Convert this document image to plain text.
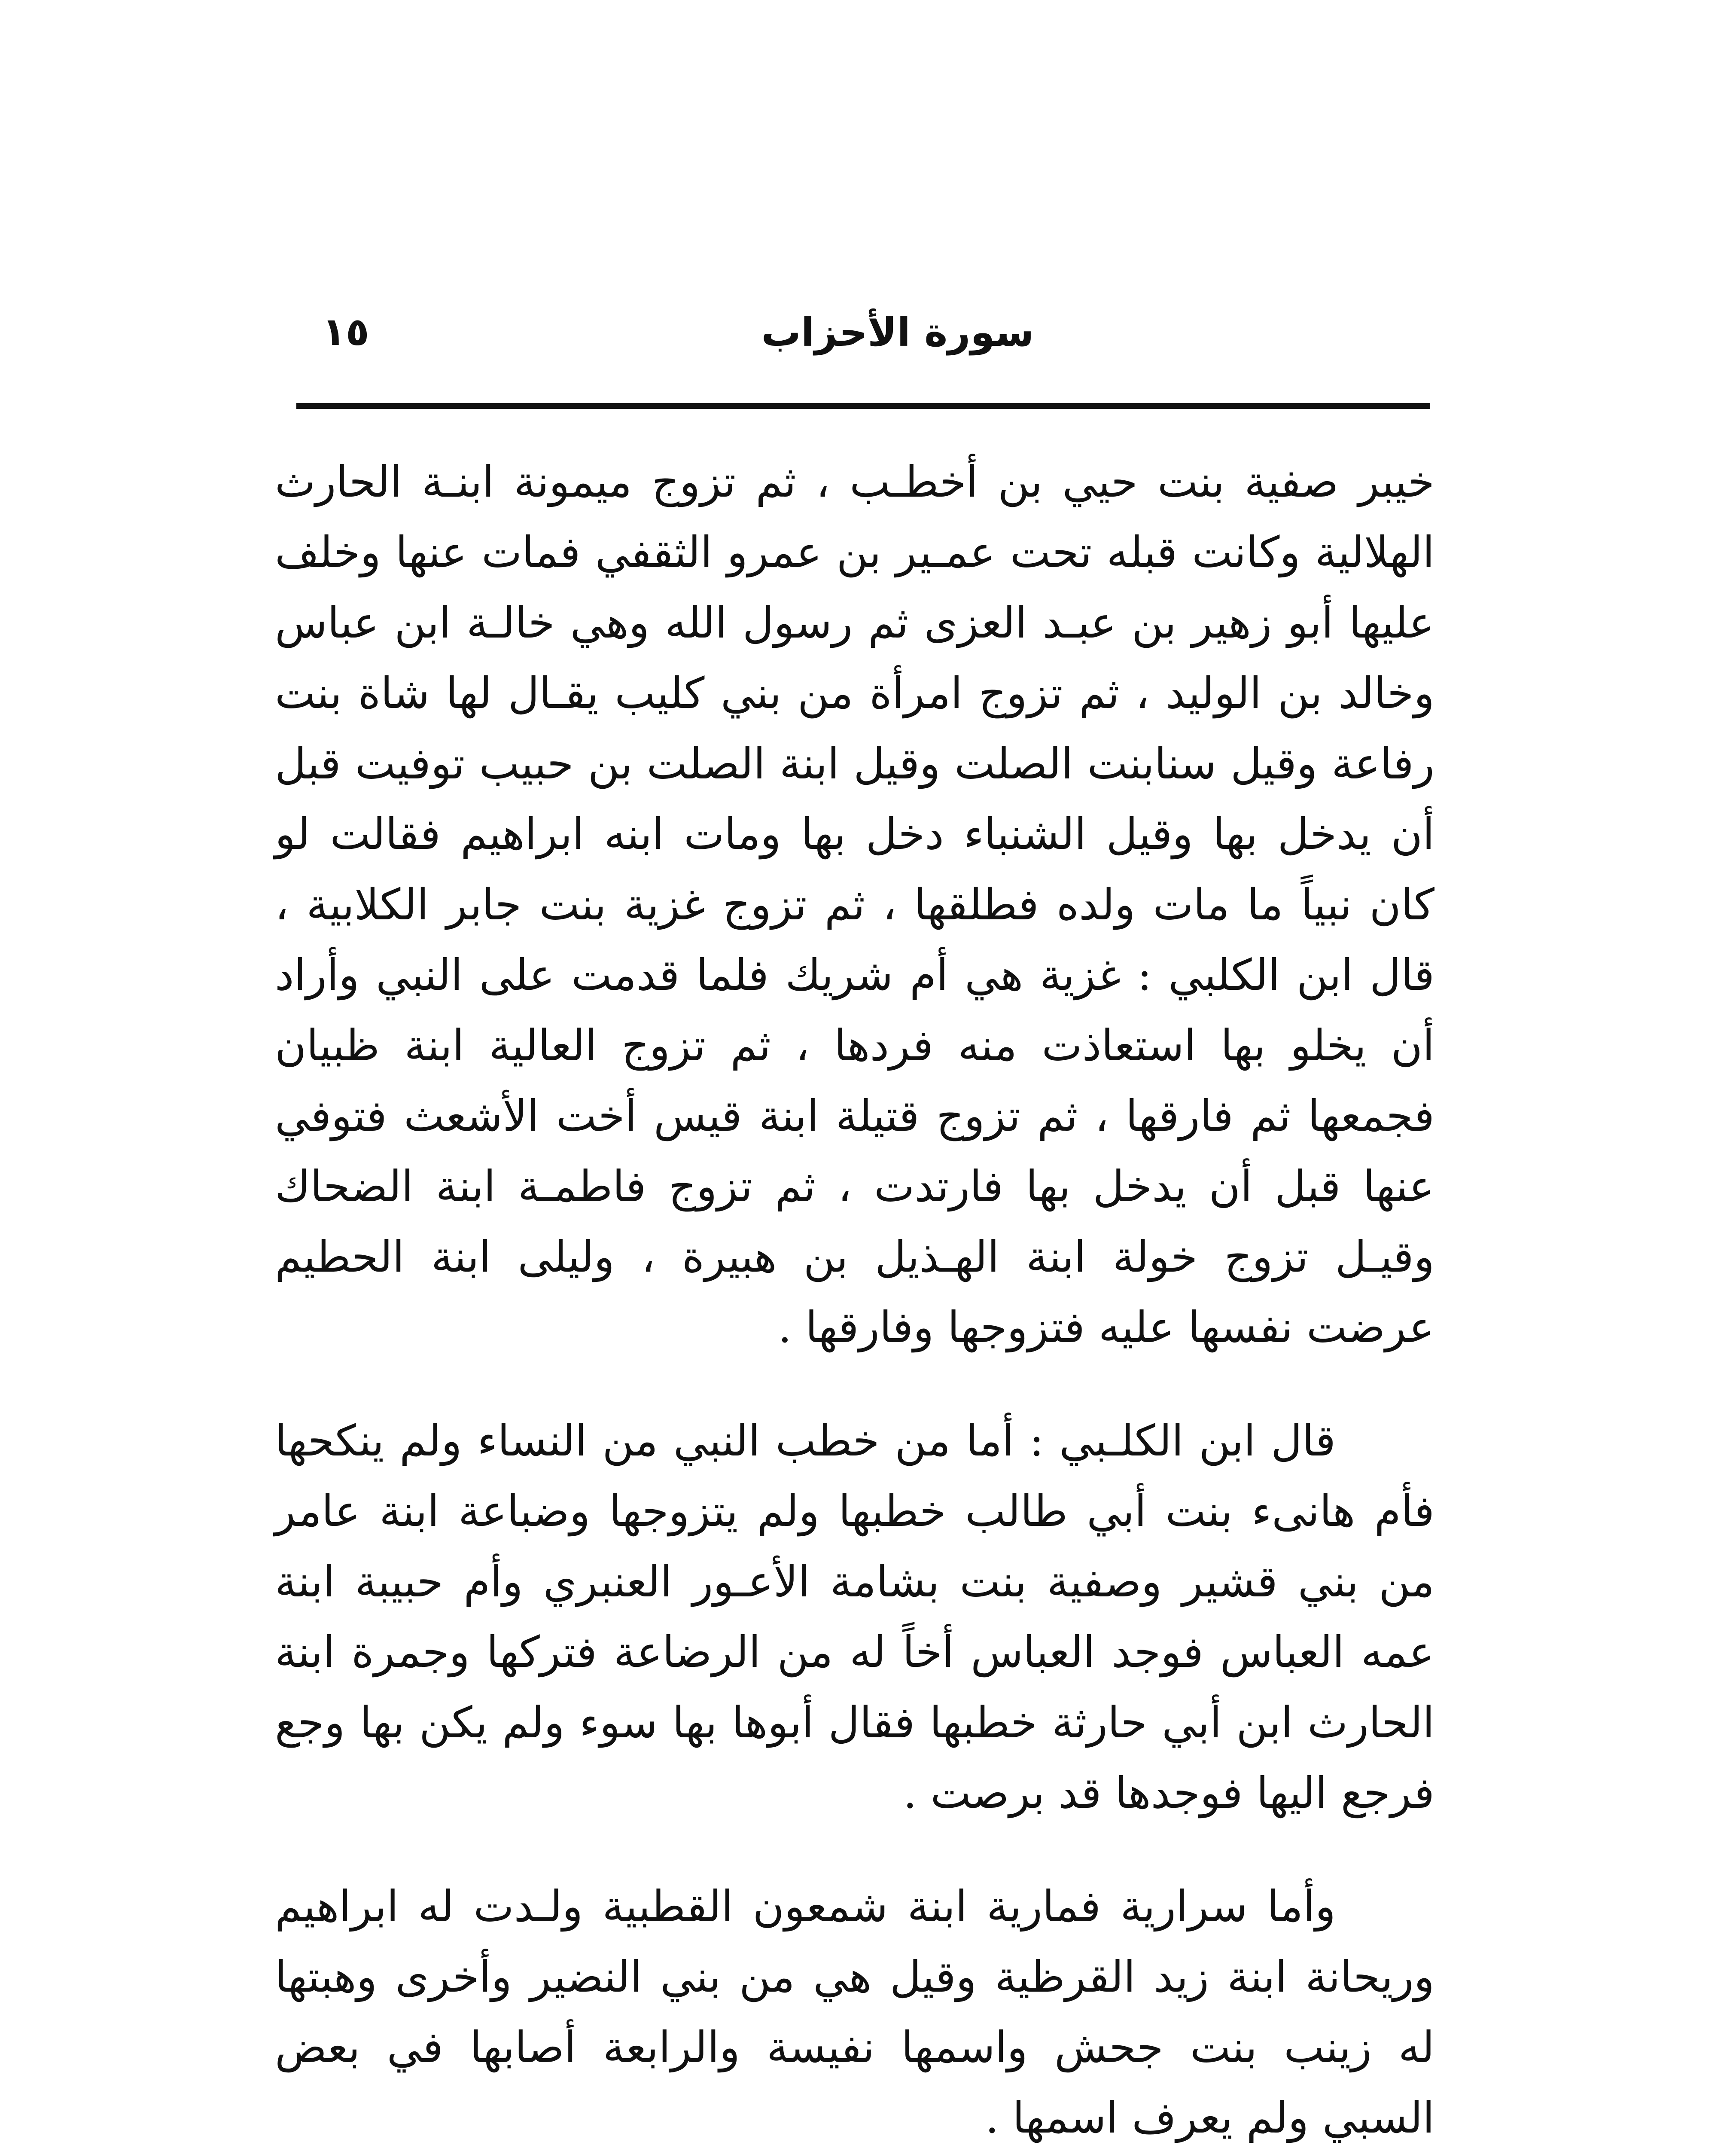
١٥	سورة الأحزاب

خيبر صفية بنت حيي بن أخطـب ، ثم تزوج ميمونة ابنـة الحارث الهلالية وكانت قبله تحت عمـير بن عمرو الثقفي فمات عنها وخلف عليها أبو زهير بن عبـد العزى ثم رسول الله وهي خالـة ابن عباس وخالد بن الوليد ، ثم تزوج امرأة من بني كليب يقـال لها شاة بنت رفاعة وقيل سنابنت الصلت وقيل ابنة الصلت بن حبيب توفيت قبل أن يدخل بها وقيل الشنباء دخل بها ومات ابنه ابراهيم فقالت لو كان نبياً ما مات ولده فطلقها ، ثم تزوج غزية بنت جابر الكلابية ، قال ابن الكلبي : غزية هي أم شريك فلما قدمت على النبي وأراد أن يخلو بها استعاذت منه فردها ، ثم تزوج العالية ابنة ظبيان فجمعها ثم فارقها ، ثم تزوج قتيلة ابنة قيس أخت الأشعث فتوفي عنها قبل أن يدخل بها فارتدت ، ثم تزوج فاطمـة ابنة الضحاك وقيـل تزوج خولة ابنة الهـذيل بن هبيرة ، وليلى ابنة الحطيم عرضت نفسها عليه فتزوجها وفارقها .

قال ابن الكلـبي : أما من خطب النبي من النساء ولم ينكحها فأم هانىء بنت أبي طالب خطبها ولم يتزوجها وضباعة ابنة عامر من بني قشير وصفية بنت بشامة الأعـور العنبري وأم حبيبة ابنة عمه العباس فوجد العباس أخاً له من الرضاعة فتركها وجمرة ابنة الحارث ابن أبي حارثة خطبها فقال أبوها بها سوء ولم يكن بها وجع فرجع اليها فوجدها قد برصت .

وأما سرارية فمارية ابنة شمعون القطبية ولـدت له ابراهيم وريحانة ابنة زيد القرظية وقيل هي من بني النضير وأخرى وهبتها له زينب بنت جحش واسمها نفيسة والرابعة أصابها في بعض السبي ولم يعرف اسمها .
